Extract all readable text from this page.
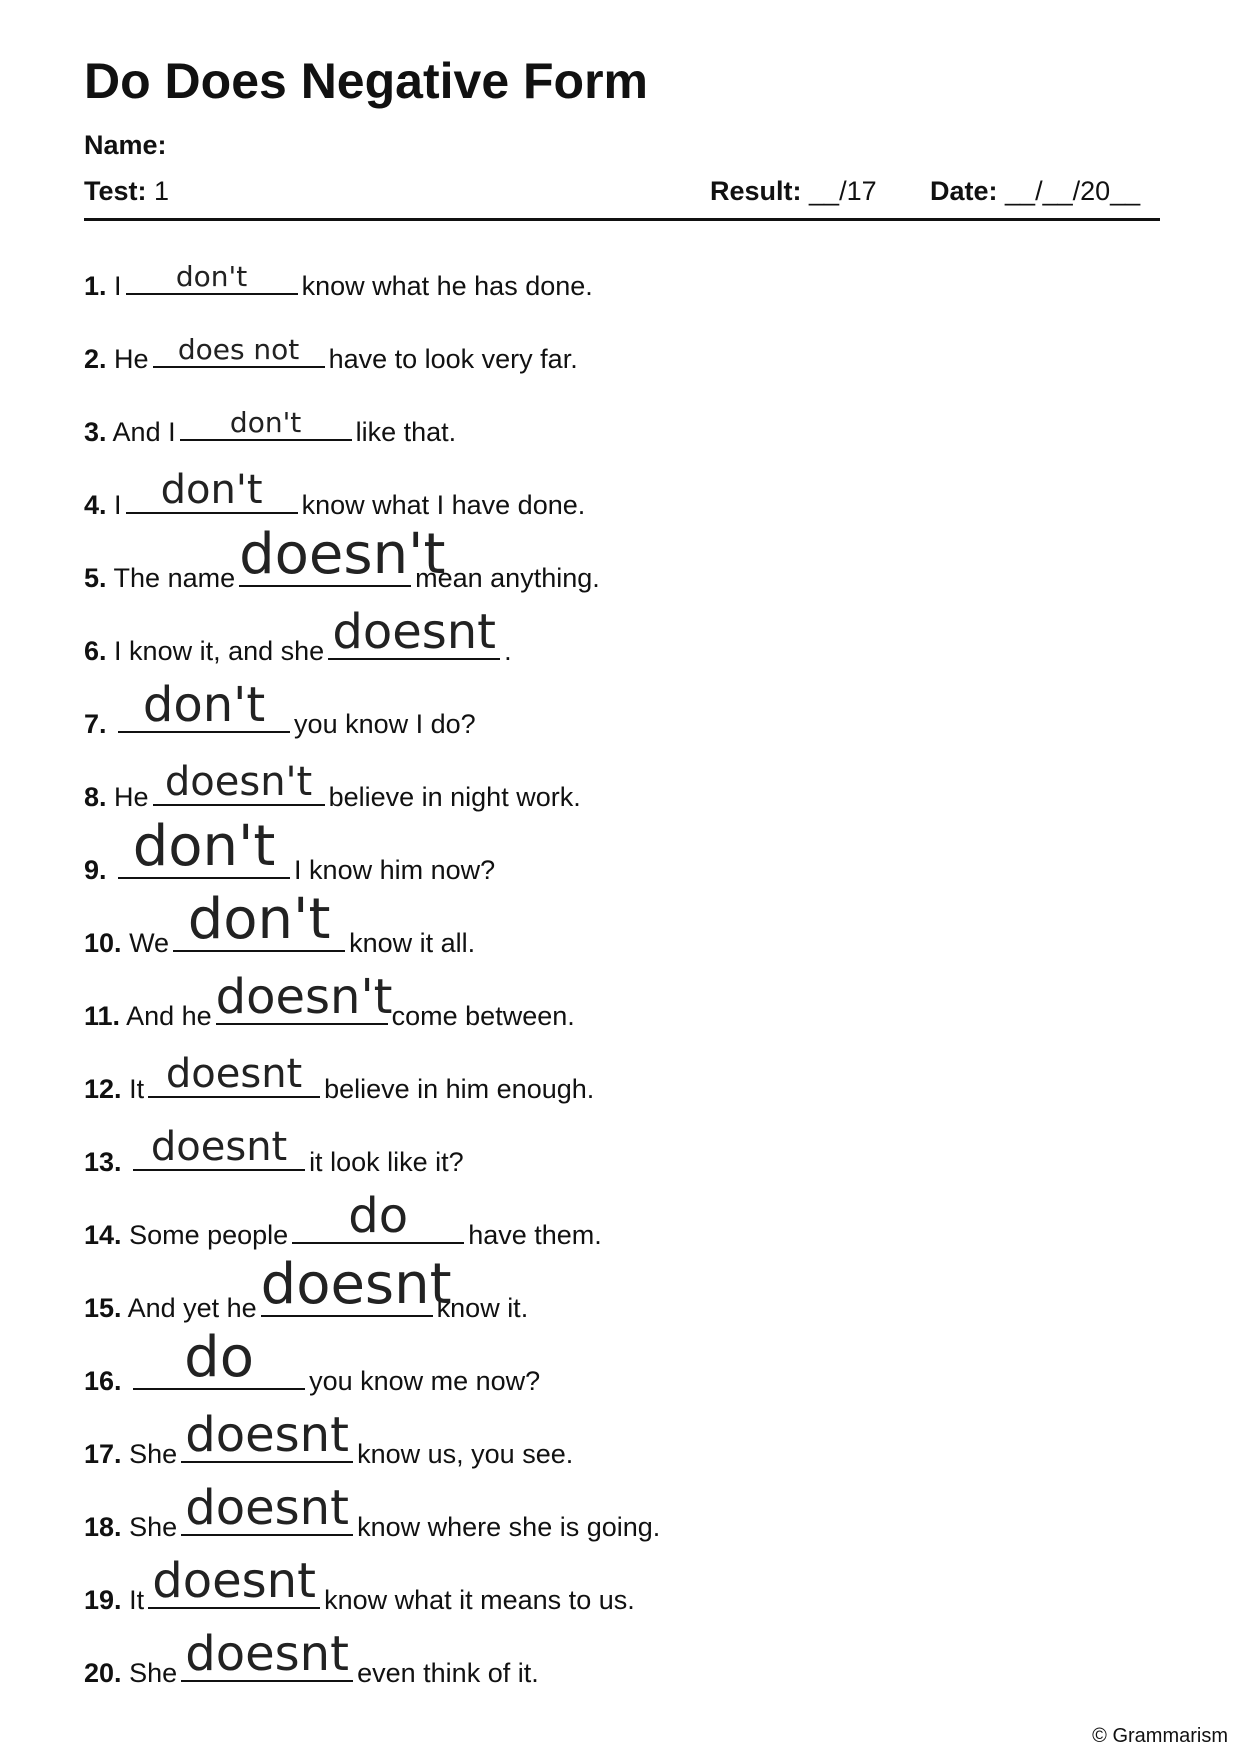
Do Does Negative Form
Name:
Test: 1	Result: __/17 Date: __/__/20__
1. I	don't	know what he has done.
2. He	does not	have to look very far.
3. And I	don't	like that.
4. I don't	know what I have done.
5. The name doesn't
mean anything.
6. I know it, and she doesnt .
7. don't	you know I do?
8. He doesn't believe in night work.
9. don't I know him now?
10. We don't know it all.
11. And he doesn't come between.
12. It doesnt believe in him enough.
13. doesnt it look like it?
14. Some people	do	have them.
15. And yet he doesnt
know it.
16.	do	you know me now?
17. She doesnt know us, you see.
18. She doesnt know where she is going.
19. It doesnt know what it means to us.
20. She doesnt even think of it.
© Grammarism
